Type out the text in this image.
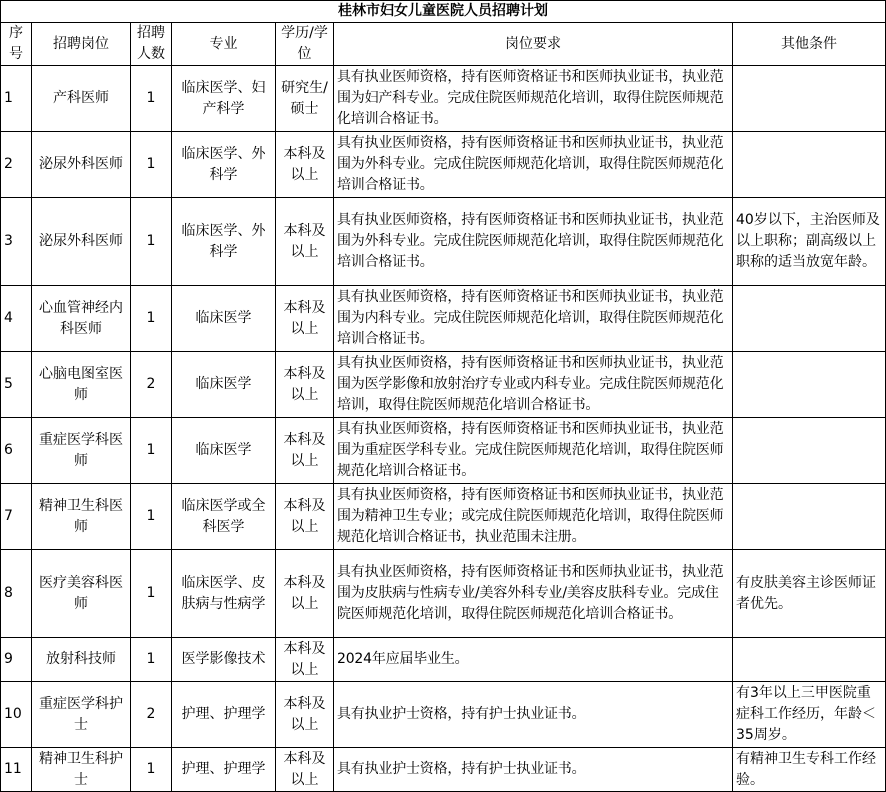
桂林市妇女儿童医院人员招聘计划						
序号	招聘岗位	招聘人数	专业	学历/学位	岗位要求	其他条件
1	产科医师	1	临床医学、妇产科学	研究生/硕士	具有执业医师资格，持有医师资格证书和医师执业证书，执业范围为妇产科专业。完成住院医师规范化培训，取得住院医师规范化培训合格证书。	
2	泌尿外科医师	1	临床医学、外科学	本科及以上	具有执业医师资格，持有医师资格证书和医师执业证书，执业范围为外科专业。完成住院医师规范化培训，取得住院医师规范化培训合格证书。	
3	泌尿外科医师	1	临床医学、外科学	本科及以上	具有执业医师资格，持有医师资格证书和医师执业证书，执业范围为外科专业。完成住院医师规范化培训，取得住院医师规范化培训合格证书。	40岁以下，主治医师及以上职称；副高级以上职称的适当放宽年龄。
4	心血管神经内科医师	1	临床医学	本科及以上	具有执业医师资格，持有医师资格证书和医师执业证书，执业范围为内科专业。完成住院医师规范化培训，取得住院医师规范化培训合格证书。	
5	心脑电图室医师	2	临床医学	本科及以上	具有执业医师资格，持有医师资格证书和医师执业证书，执业范围为医学影像和放射治疗专业或内科专业。完成住院医师规范化培训，取得住院医师规范化培训合格证书。	
6	重症医学科医师	1	临床医学	本科及以上	具有执业医师资格，持有医师资格证书和医师执业证书，执业范围为重症医学科专业。完成住院医师规范化培训，取得住院医师规范化培训合格证书。	
7	精神卫生科医师	1	临床医学或全科医学	本科及以上	具有执业医师资格，持有医师资格证书和医师执业证书，执业范围为精神卫生专业；或完成住院医师规范化培训，取得住院医师规范化培训合格证书，执业范围未注册。	
8	医疗美容科医师	1	临床医学、皮肤病与性病学	本科及以上	具有执业医师资格，持有医师资格证书和医师执业证书，执业范围为皮肤病与性病专业/美容外科专业/美容皮肤科专业。完成住院医师规范化培训，取得住院医师规范化培训合格证书。	有皮肤美容主诊医师证者优先。
9	放射科技师	1	医学影像技术	本科及以上	2024年应届毕业生。	
10	重症医学科护士	2	护理、护理学	本科及以上	具有执业护士资格，持有护士执业证书。	有3年以上三甲医院重症科工作经历，年龄＜35周岁。
11	精神卫生科护士	1	护理、护理学	本科及以上	具有执业护士资格，持有护士执业证书。	有精神卫生专科工作经验。
